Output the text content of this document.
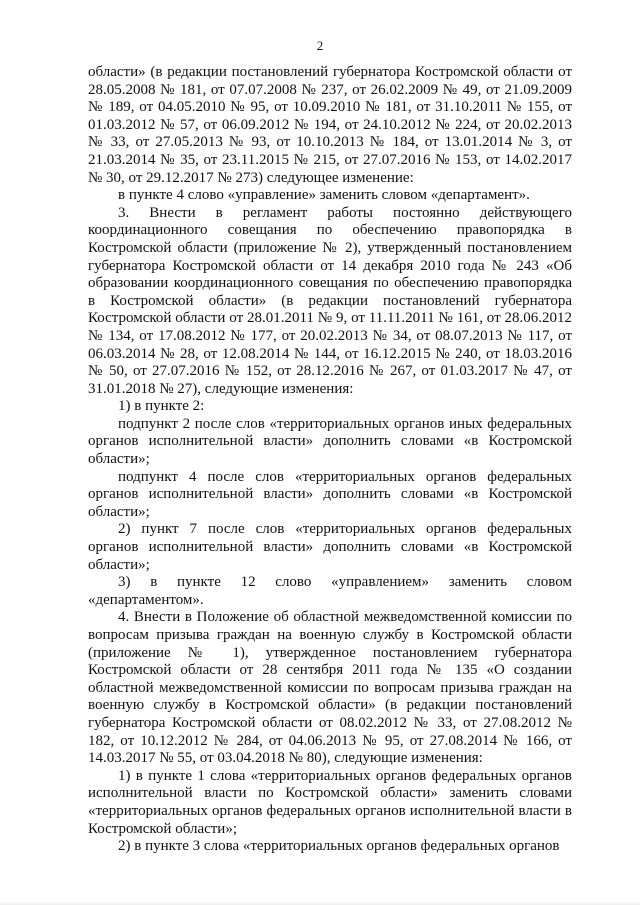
2

области» (в редакции постановлений губернатора Костромской области от 28.05.2008 № 181, от 07.07.2008 № 237, от 26.02.2009 № 49, от 21.09.2009 № 189, от 04.05.2010 № 95, от 10.09.2010 № 181, от 31.10.2011 № 155, от 01.03.2012 № 57, от 06.09.2012 № 194, от 24.10.2012 № 224, от 20.02.2013 № 33, от 27.05.2013 № 93, от 10.10.2013 № 184, от 13.01.2014 № 3, от 21.03.2014 № 35, от 23.11.2015 № 215, от 27.07.2016 № 153, от 14.02.2017 № 30, от 29.12.2017 № 273) следующее изменение:

в пункте 4 слово «управление» заменить словом «департамент».

3. Внести в регламент работы постоянно действующего координационного совещания по обеспечению правопорядка в Костромской области (приложение № 2), утвержденный постановлением губернатора Костромской области от 14 декабря 2010 года № 243 «Об образовании координационного совещания по обеспечению правопорядка в Костромской области» (в редакции постановлений губернатора Костромской области от 28.01.2011 № 9, от 11.11.2011 № 161, от 28.06.2012 № 134, от 17.08.2012 № 177, от 20.02.2013 № 34, от 08.07.2013 № 117, от 06.03.2014 № 28, от 12.08.2014 № 144, от 16.12.2015 № 240, от 18.03.2016 № 50, от 27.07.2016 № 152, от 28.12.2016 № 267, от 01.03.2017 № 47, от 31.01.2018 № 27), следующие изменения:

1) в пункте 2:

подпункт 2 после слов «территориальных органов иных федеральных органов исполнительной власти» дополнить словами «в Костромской области»;

подпункт 4 после слов «территориальных органов федеральных органов исполнительной власти» дополнить словами «в Костромской области»;

2) пункт 7 после слов «территориальных органов федеральных органов исполнительной власти» дополнить словами «в Костромской области»;

3) в пункте 12 слово «управлением» заменить словом «департаментом».

4. Внести в Положение об областной межведомственной комиссии по вопросам призыва граждан на военную службу в Костромской области (приложение № 1), утвержденное постановлением губернатора Костромской области от 28 сентября 2011 года № 135 «О создании областной межведомственной комиссии по вопросам призыва граждан на военную службу в Костромской области» (в редакции постановлений губернатора Костромской области от 08.02.2012 № 33, от 27.08.2012 № 182, от 10.12.2012 № 284, от 04.06.2013 № 95, от 27.08.2014 № 166, от 14.03.2017 № 55, от 03.04.2018 № 80), следующие изменения:

1) в пункте 1 слова «территориальных органов федеральных органов исполнительной власти по Костромской области» заменить словами «территориальных органов федеральных органов исполнительной власти в Костромской области»;

2) в пункте 3 слова «территориальных органов федеральных органов
